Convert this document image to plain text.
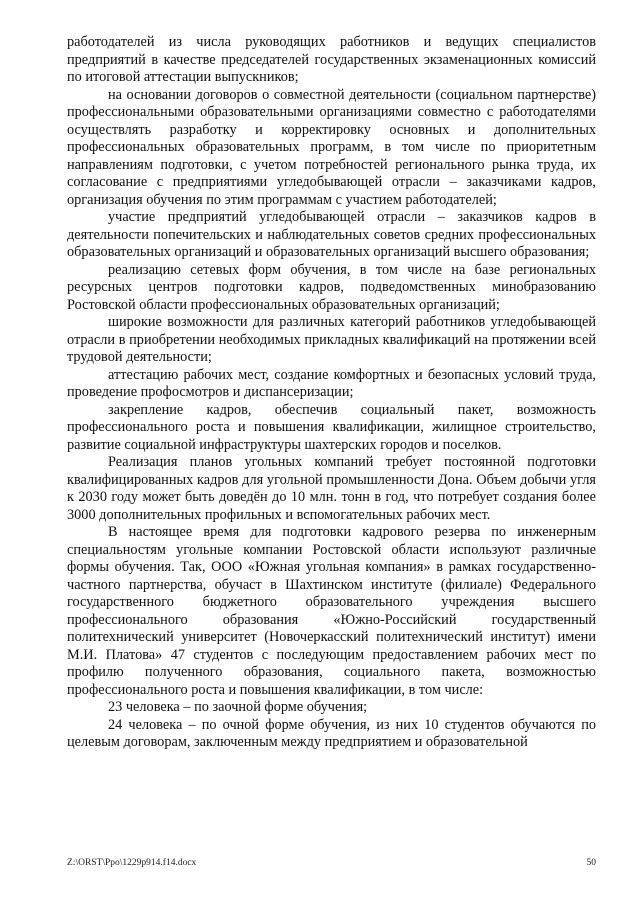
работодателей из числа руководящих работников и ведущих специалистов предприятий в качестве председателей государственных экзаменационных комиссий по итоговой аттестации выпускников;

на основании договоров о совместной деятельности (социальном партнерстве) профессиональными образовательными организациями совместно с работодателями осуществлять разработку и корректировку основных и дополнительных профессиональных образовательных программ, в том числе по приоритетным направлениям подготовки, с учетом потребностей регионального рынка труда, их согласование с предприятиями угледобывающей отрасли – заказчиками кадров, организация обучения по этим программам с участием работодателей;

участие предприятий угледобывающей отрасли – заказчиков кадров в деятельности попечительских и наблюдательных советов средних профессиональных образовательных организаций и образовательных организаций высшего образования;

реализацию сетевых форм обучения, в том числе на базе региональных ресурсных центров подготовки кадров, подведомственных минобразованию Ростовской области профессиональных образовательных организаций;

широкие возможности для различных категорий работников угледобывающей отрасли в приобретении необходимых прикладных квалификаций на протяжении всей трудовой деятельности;

аттестацию рабочих мест, создание комфортных и безопасных условий труда, проведение профосмотров и диспансеризации;

закрепление кадров, обеспечив социальный пакет, возможность профессионального роста и повышения квалификации, жилищное строительство, развитие социальной инфраструктуры шахтерских городов и поселков.

Реализация планов угольных компаний требует постоянной подготовки квалифицированных кадров для угольной промышленности Дона. Объем добычи угля к 2030 году может быть доведён до 10 млн. тонн в год, что потребует создания более 3000 дополнительных профильных и вспомогательных рабочих мест.

В настоящее время для подготовки кадрового резерва по инженерным специальностям угольные компании Ростовской области используют различные формы обучения. Так, ООО «Южная угольная компания» в рамках государственно-частного партнерства, обучаст в Шахтинском институте (филиале) Федерального государственного бюджетного образовательного учреждения высшего профессионального образования «Южно-Российский государственный политехнический университет (Новочеркасский политехнический институт) имени М.И. Платова» 47 студентов с последующим предоставлением рабочих мест по профилю полученного образования, социального пакета, возможностью профессионального роста и повышения квалификации, в том числе:

23 человека – по заочной форме обучения;

24 человека – по очной форме обучения, из них 10 студентов обучаются по целевым договорам, заключенным между предприятием и образовательной

Z:\ORST\Ppo\1229p914.f14.docx	50
